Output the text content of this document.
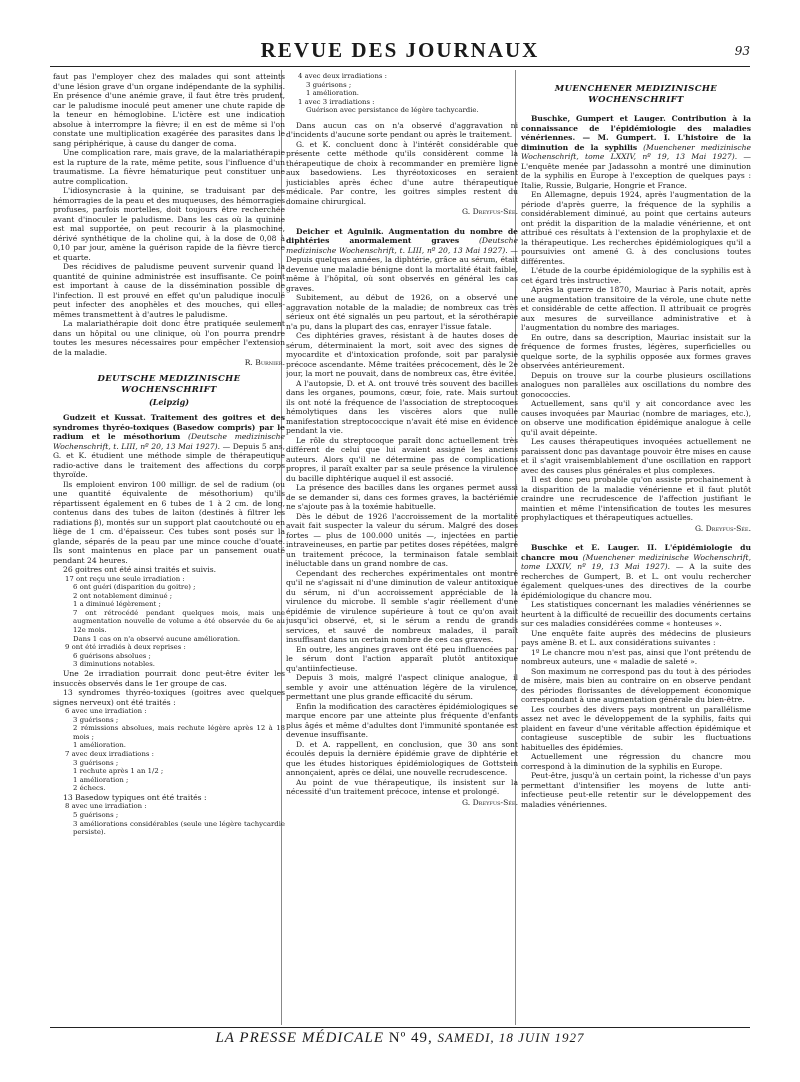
REVUE DES JOURNAUX	93

faut pas l'employer chez des malades qui sont atteints d'une lésion grave d'un organe indépendante de la syphilis. En présence d'une anémie grave, il faut être très prudent, car le paludisme inoculé peut amener une chute rapide de la teneur en hémoglobine. L'ictère est une indication absolue à interrompre la fièvre; il en est de même si l'on constate une multiplication exagérée des parasites dans le sang périphérique, à cause du danger de coma.

Une complication rare, mais grave, de la malariathérapie est la rupture de la rate, même petite, sous l'influence d'un traumatisme. La fièvre hématurique peut constituer une autre complication.

L'idiosyncrasie à la quinine, se traduisant par des hémorragies de la peau et des muqueuses, des hémorragies profuses, parfois mortelles, doit toujours être recherchée avant d'inoculer le paludisme. Dans les cas où la quinine est mal supportée, on peut recourir à la plasmochine, dérivé synthétique de la choline qui, à la dose de 0,08 à 0,10 par jour, amène la guérison rapide de la fièvre tierce et quarte.

Des récidives de paludisme peuvent survenir quand la quantité de quinine administrée est insuffisante. Ce point est important à cause de la dissémination possible de l'infection. Il est prouvé en effet qu'un paludique inoculé peut infecter des anophèles et des mouches, qui elles-mêmes transmettent à d'autres le paludisme.

La malariathérapie doit donc être pratiquée seulement dans un hôpital ou une clinique, où l'on pourra prendre toutes les mesures nécessaires pour empêcher l'extension de la maladie.

R. Burnier.
DEUTSCHE MEDIZINISCHE WOCHENSCHRIFT
(Leipzig)

Gudzeit et Kussat. Traitement des goitres et des syndromes thyréo-toxiques (Basedow compris) par le radium et le mésothorium (Deutsche medizinische Wochenschrift, t. LIII, nº 20, 13 Mai 1927). — Depuis 5 ans, G. et K. étudient une méthode simple de thérapeutique radio-active dans le traitement des affections du corps thyroïde.

Ils emploient environ 100 milligr. de sel de radium (ou une quantité équivalente de mésothorium) qu'ils répartissent également en 6 tubes de 1 à 2 cm. de long, contenus dans des tubes de laiton (destinés à filtrer les radiations β), montés sur un support plat caoutchouté ou en liège de 1 cm. d'épaisseur. Ces tubes sont posés sur la glande, séparés de la peau par une mince couche d'ouate. Ils sont maintenus en place par un pansement ouaté pendant 24 heures.

26 goitres ont été ainsi traités et suivis.

17 ont reçu une seule irradiation :
6 ont guéri (disparition du goitre) ;
2 ont notablement diminué ;
1 a diminué légèrement ;
7 ont rétrocédé pendant quelques mois, mais une augmentation nouvelle de volume a été observée du 6e au 12e mois.
Dans 1 cas on n'a observé aucune amélioration.
9 ont été irradiés à deux reprises :
6 guérisons absolues ;
3 diminutions notables.

Une 2e irradiation pourrait donc peut-être éviter les insuccès observés dans le 1er groupe de cas.

13 syndromes thyréo-toxiques (goitres avec quelques signes nerveux) ont été traités :

6 avec une irradiation :
3 guérisons ;
2 rémissions absolues, mais rechute légère après 12 à 18 mois ;
1 amélioration.
7 avec deux irradiations :
3 guérisons ;
1 rechute après 1 an 1/2 ;
1 amélioration ;
2 échecs.

13 Basedow typiques ont été traités :

8 avec une irradiation :
5 guérisons ;
3 améliorations considérables (seule une légère tachycardie persiste).
4 avec deux irradiations :
3 guérisons ;
1 amélioration.
1 avec 3 irradiations :
Guérison avec persistance de légère tachycardie.

Dans aucun cas on n'a observé d'aggravation ni d'incidents d'aucune sorte pendant ou après le traitement.

G. et K. concluent donc à l'intérêt considérable que présente cette méthode qu'ils considèrent comme la thérapeutique de choix à recommander en première ligne aux basedowiens. Les thyréotoxicoses en seraient justiciables après échec d'une autre thérapeutique médicale. Par contre, les goitres simples restent du domaine chirurgical.

G. Dreyfus-Sée.

Deicher et Agulnik. Augmentation du nombre de diphtéries anormalement graves	(Deutsche medizinische Wochenschrift, t. LIII, nº 20, 13 Mai 1927). — Depuis quelques années, la diphtérie, grâce au sérum, était devenue une maladie bénigne dont la mortalité était faible, même à l'hôpital, où sont observés en général les cas graves.

Subitement, au début de 1926, on a observé une aggravation notable de la maladie; de nombreux cas très sérieux ont été signalés un peu partout, et la sérothérapie n'a pu, dans la plupart des cas, enrayer l'issue fatale.

Ces diphtéries graves, résistant à de hautes doses de sérum, déterminaient la mort, soit avec des signes de myocardite et d'intoxication profonde, soit par paralysie précoce ascendante. Même traitées précocement, dès le 2e jour, la mort ne pouvait, dans de nombreux cas, être évitée.

A l'autopsie, D. et A. ont trouvé très souvent des bacilles dans les organes, poumons, cœur, foie, rate. Mais surtout ils ont noté la fréquence de l'association de streptocoques hémolytiques dans les viscères alors que nulle manifestation streptococcique n'avait été mise en évidence pendant la vie.

Le rôle du streptocoque paraît donc actuellement très différent de celui que lui avaient assigné les anciens auteurs. Alors qu'il ne détermine pas de complications propres, il paraît exalter par sa seule présence la virulence du bacille diphtérique auquel il est associé.

La présence des bacilles dans les organes permet aussi de se demander si, dans ces formes graves, la bactériémie ne s'ajoute pas à la toxémie habituelle.

Dès le début de 1926 l'accroissement de la mortalité avait fait suspecter la valeur du sérum. Malgré des doses fortes — plus de 100.000 unités —, injectées en partie intraveineuses, en partie par petites doses répétées, malgré un traitement précoce, la terminaison fatale semblait inéluctable dans un grand nombre de cas.

Cependant des recherches expérimentales ont montré qu'il ne s'agissait ni d'une diminution de valeur antitoxique du sérum, ni d'un accroissement appréciable de la virulence du microbe. Il semble s'agir réellement d'une épidémie de virulence supérieure à tout ce qu'on avait jusqu'ici observé, et, si le sérum a rendu de grands services, et sauvé de nombreux malades, il paraît insuffisant dans un certain nombre de ces cas graves.

En outre, les angines graves ont été peu influencées par le sérum dont l'action apparaît plutôt antitoxique qu'antiinfectieuse.

Depuis 3 mois, malgré l'aspect clinique analogue, il semble y avoir une atténuation légère de la virulence, permettant une plus grande efficacité du sérum.

Enfin la modification des caractères épidémiologiques se marque encore par une atteinte plus fréquente d'enfants plus âgés et même d'adultes dont l'immunité spontanée est devenue insuffisante.

D. et A. rappellent, en conclusion, que 30 ans sont écoulés depuis la dernière épidémie grave de diphtérie et que les études historiques épidémiologiques de Gottstein annonçaient, après ce délai, une nouvelle recrudescence.

Au point de vue thérapeutique, ils insistent sur la nécessité d'un traitement précoce, intense et prolongé.

G. Dreyfus-Sée.
MUENCHENER MEDIZINISCHE WOCHENSCHRIFT

Buschke, Gumpert et Lauger. Contribution à la connaissance de l'épidémiologie des maladies vénériennes. — M. Gumpert. I. L'histoire de la diminution de la syphilis (Muenchener medizinische Wochenschrift, tome LXXIV, nº 19, 13 Mai 1927). — L'enquête menée par Jadassohn a montré une diminution de la syphilis en Europe à l'exception de quelques pays : Italie, Russie, Bulgarie, Hongrie et France.

En Allemagne, depuis 1924, après l'augmentation de la période d'après guerre, la fréquence de la syphilis a considérablement diminué, au point que certains auteurs ont prédit la disparition de la maladie vénérienne, et ont attribué ces résultats à l'extension de la prophylaxie et de la thérapeutique. Les recherches épidémiologiques qu'il a poursuivies ont amené G. à des conclusions toutes différentes.

L'étude de la courbe épidémiologique de la syphilis est à cet égard très instructive.

Après la guerre de 1870, Mauriac à Paris notait, après une augmentation transitoire de la vérole, une chute nette et considérable de cette affection. Il attribuait ce progrès aux mesures de surveillance administrative et à l'augmentation du nombre des mariages.

En outre, dans sa description, Mauriac insistait sur la fréquence de formes frustes, légères, superficielles ou quelque sorte, de la syphilis opposée aux formes graves observées antérieurement.

Depuis on trouve sur la courbe plusieurs oscillations analogues non parallèles aux oscillations du nombre des gonococcies.

Actuellement, sans qu'il y ait concordance avec les causes invoquées par Mauriac (nombre de mariages, etc.), on observe une modification épidémique analogue à celle qu'il avait dépeinte.

Les causes thérapeutiques invoquées actuellement ne paraissent donc pas davantage pouvoir être mises en cause et il s'agit vraisemblablement d'une oscillation en rapport avec des causes plus générales et plus complexes.

Il est donc peu probable qu'on assiste prochainement à la disparition de la maladie vénérienne et il faut plutôt craindre une recrudescence de l'affection justifiant le maintien et même l'intensification de toutes les mesures prophylactiques et thérapeutiques actuelles.

G. Dreyfus-Sée.

Buschke et E. Lauger. II. L'épidémiologie du chancre mou (Muenchener medizinische Wochenschrift, tome LXXIV, nº 19, 13 Mai 1927). — A la suite des recherches de Gumpert, B. et L. ont voulu rechercher également quelques-unes des directives de la courbe épidémiologique du chancre mou.

Les statistiques concernant les maladies vénériennes se heurtent à la difficulté de recueillir des documents certains sur ces maladies considérées comme « honteuses ».

Une enquête faite auprès des médecins de plusieurs pays amène B. et L. aux considérations suivantes :

1º Le chancre mou n'est pas, ainsi que l'ont prétendu de nombreux auteurs, une « maladie de saleté ».

Son maximum ne correspond pas du tout à des périodes de misère, mais bien au contraire on en observe pendant des périodes florissantes de développement économique correspondant à une augmentation générale du bien-être.

Les courbes des divers pays montrent un parallélisme assez net avec le développement de la syphilis, faits qui plaident en faveur d'une véritable affection épidémique et contagieuse susceptible de subir les fluctuations habituelles des épidémies.

Actuellement une régression du chancre mou correspond à la diminution de la syphilis en Europe.

Peut-être, jusqu'à un certain point, la richesse d'un pays permettant d'intensifier les moyens de lutte anti-infectieuse peut-elle retentir sur le développement des maladies vénériennes.

LA PRESSE MÉDICALE Nº 49, SAMEDI, 18 JUIN 1927
